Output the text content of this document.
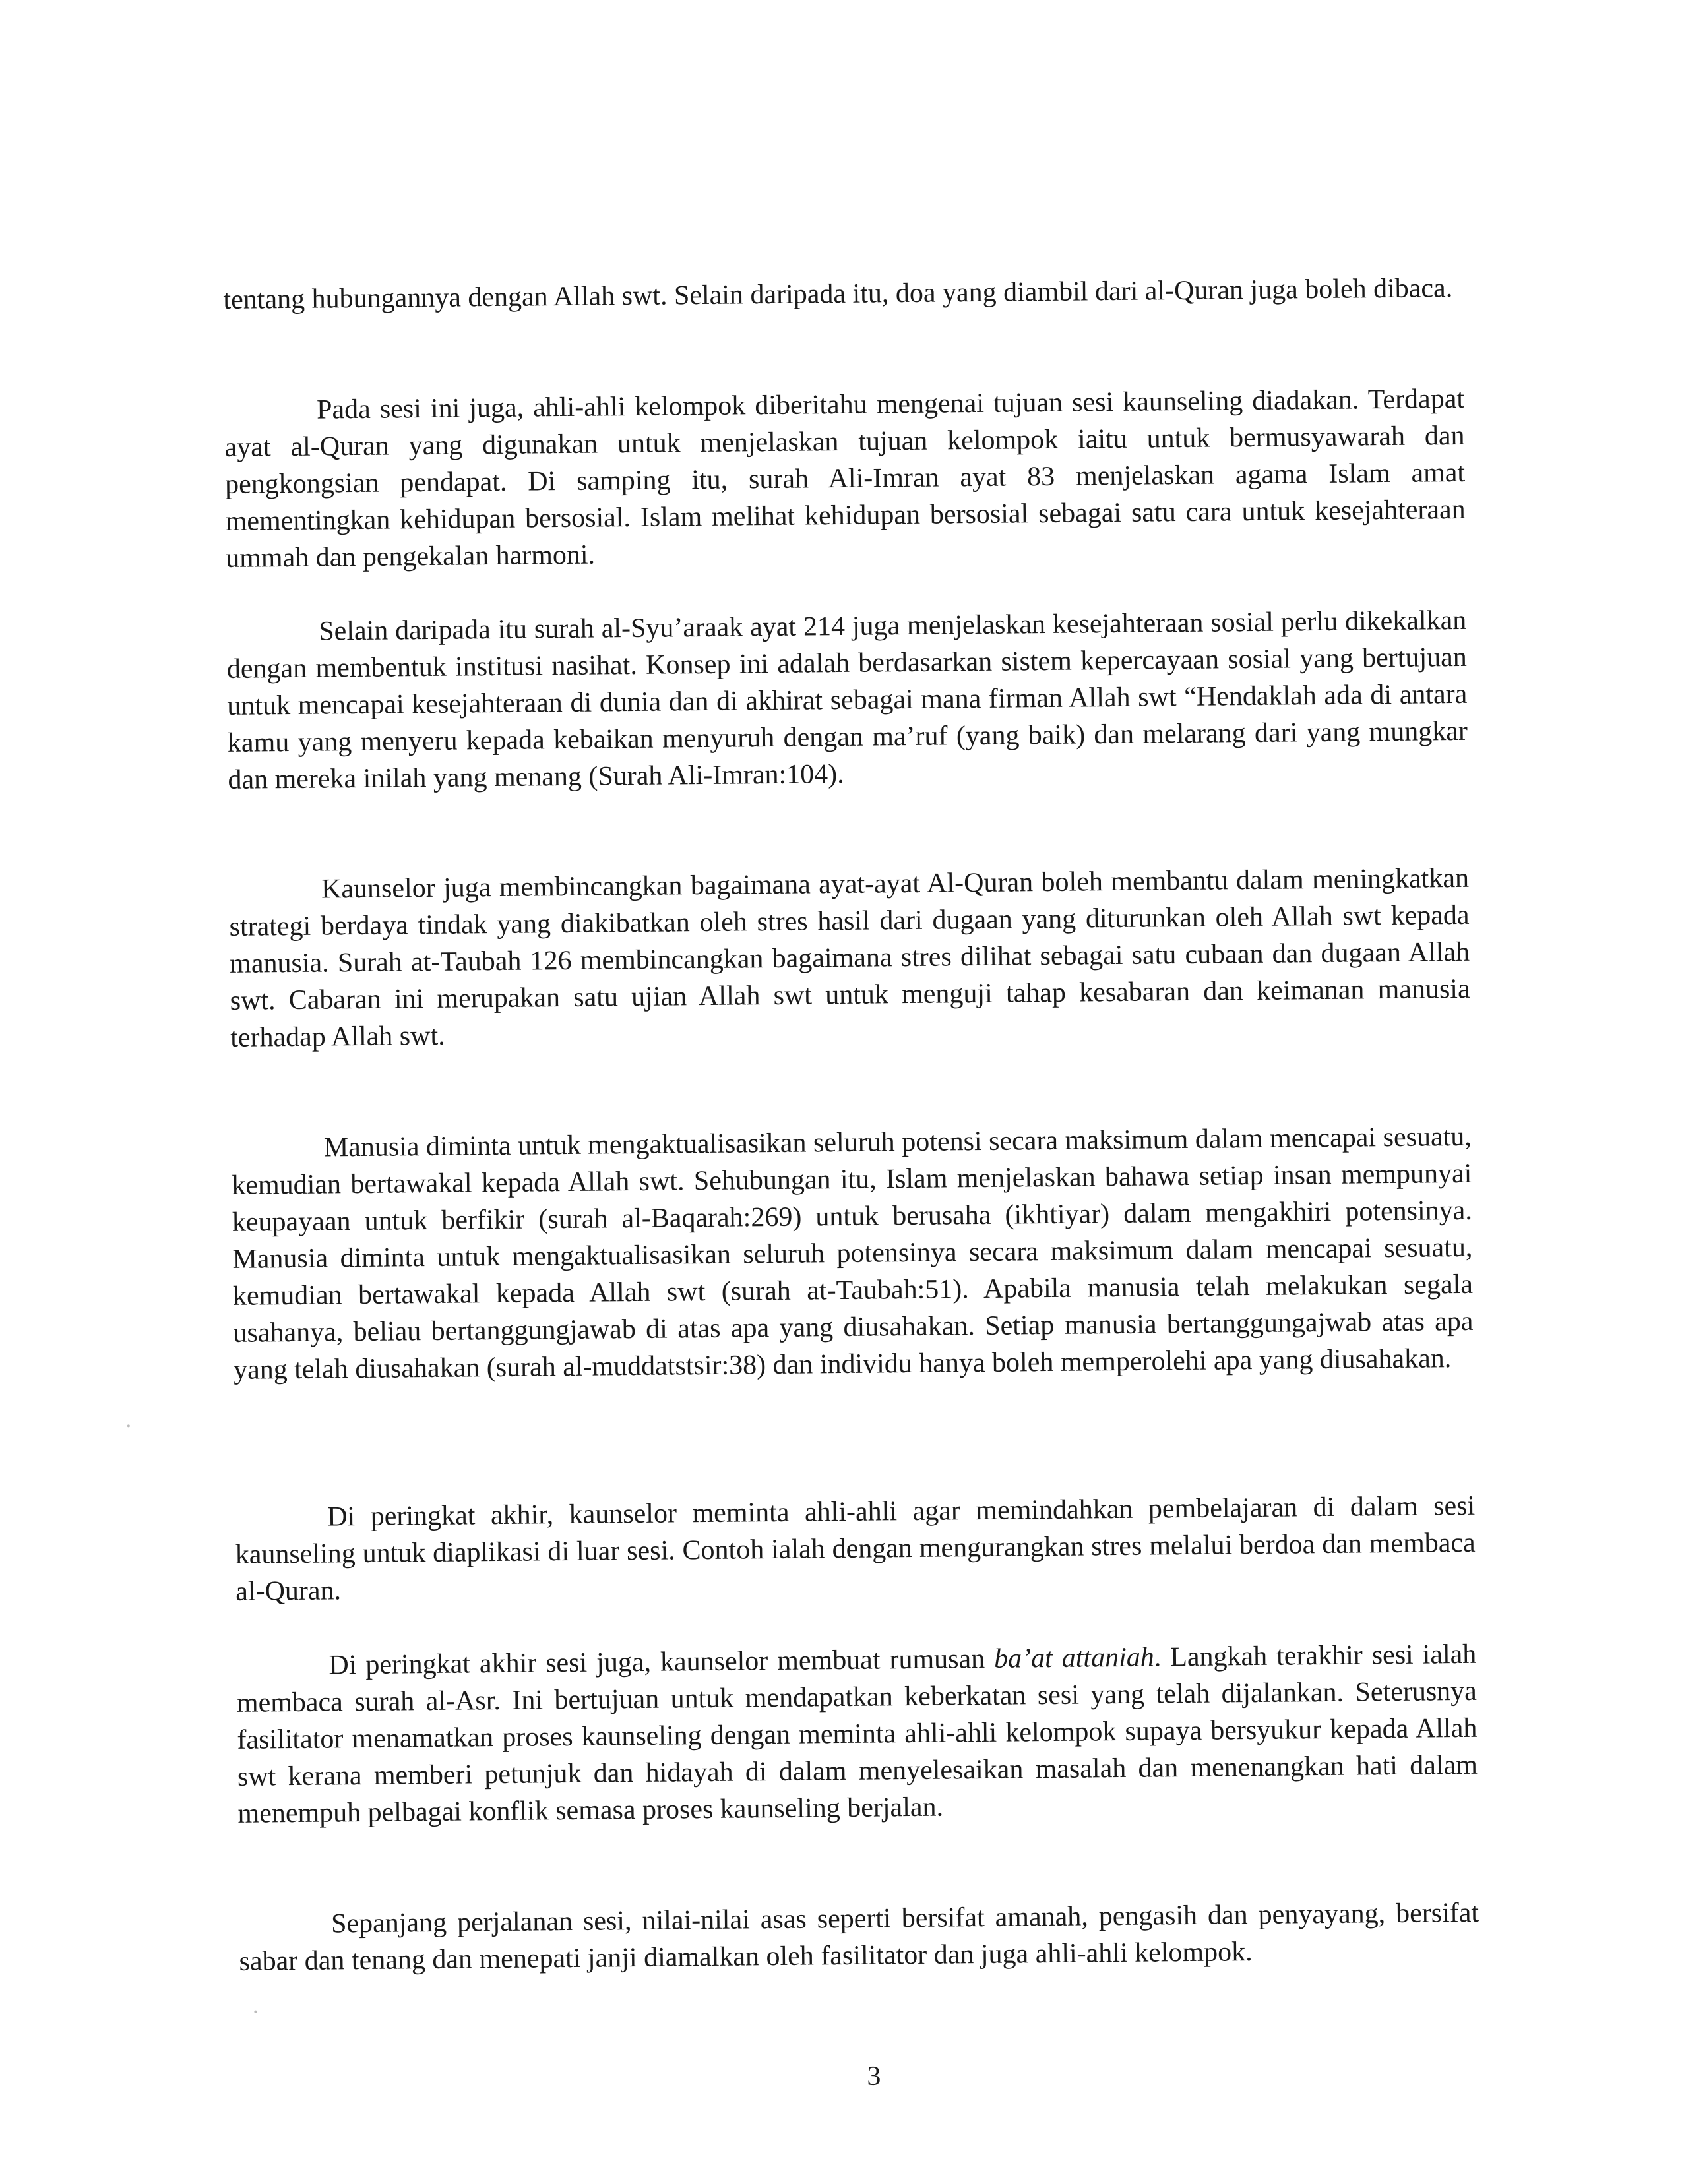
tentang hubungannya dengan Allah swt. Selain daripada itu, doa yang diambil dari al-Quran juga boleh dibaca.

Pada sesi ini juga, ahli-ahli kelompok diberitahu mengenai tujuan sesi kaunseling diadakan. Terdapat ayat al-Quran yang digunakan untuk menjelaskan tujuan kelompok iaitu untuk bermusyawarah dan pengkongsian pendapat. Di samping itu, surah Ali-Imran ayat 83 menjelaskan agama Islam amat mementingkan kehidupan bersosial. Islam melihat kehidupan bersosial sebagai satu cara untuk kesejahteraan ummah dan pengekalan harmoni.

Selain daripada itu surah al-Syu’araak ayat 214 juga menjelaskan kesejahteraan sosial perlu dikekalkan dengan membentuk institusi nasihat. Konsep ini adalah berdasarkan sistem kepercayaan sosial yang bertujuan untuk mencapai kesejahteraan di dunia dan di akhirat sebagai mana firman Allah swt “Hendaklah ada di antara kamu yang menyeru kepada kebaikan menyuruh dengan ma’ruf (yang baik) dan melarang dari yang mungkar dan mereka inilah yang menang (Surah Ali-Imran:104).

Kaunselor juga membincangkan bagaimana ayat-ayat Al-Quran boleh membantu dalam meningkatkan strategi berdaya tindak yang diakibatkan oleh stres hasil dari dugaan yang diturunkan oleh Allah swt kepada manusia. Surah at-Taubah 126 membincangkan bagaimana stres dilihat sebagai satu cubaan dan dugaan Allah swt. Cabaran ini merupakan satu ujian Allah swt untuk menguji tahap kesabaran dan keimanan manusia terhadap Allah swt.

Manusia diminta untuk mengaktualisasikan seluruh potensi secara maksimum dalam mencapai sesuatu, kemudian bertawakal kepada Allah swt. Sehubungan itu, Islam menjelaskan bahawa setiap insan mempunyai keupayaan untuk berfikir (surah al-Baqarah:269) untuk berusaha (ikhtiyar) dalam mengakhiri potensinya. Manusia diminta untuk mengaktualisasikan seluruh potensinya secara maksimum dalam mencapai sesuatu, kemudian bertawakal kepada Allah swt (surah at-Taubah:51). Apabila manusia telah melakukan segala usahanya, beliau bertanggungjawab di atas apa yang diusahakan. Setiap manusia bertanggungajwab atas apa yang telah diusahakan (surah al-muddatstsir:38) dan individu hanya boleh memperolehi apa yang diusahakan.

Di peringkat akhir, kaunselor meminta ahli-ahli agar memindahkan pembelajaran di dalam sesi kaunseling untuk diaplikasi di luar sesi. Contoh ialah dengan mengurangkan stres melalui berdoa dan membaca al-Quran.

Di peringkat akhir sesi juga, kaunselor membuat rumusan ba’at attaniah. Langkah terakhir sesi ialah membaca surah al-Asr. Ini bertujuan untuk mendapatkan keberkatan sesi yang telah dijalankan. Seterusnya fasilitator menamatkan proses kaunseling dengan meminta ahli-ahli kelompok supaya bersyukur kepada Allah swt kerana memberi petunjuk dan hidayah di dalam menyelesaikan masalah dan menenangkan hati dalam menempuh pelbagai konflik semasa proses kaunseling berjalan.

Sepanjang perjalanan sesi, nilai-nilai asas seperti bersifat amanah, pengasih dan penyayang, bersifat sabar dan tenang dan menepati janji diamalkan oleh fasilitator dan juga ahli-ahli kelompok.

3
